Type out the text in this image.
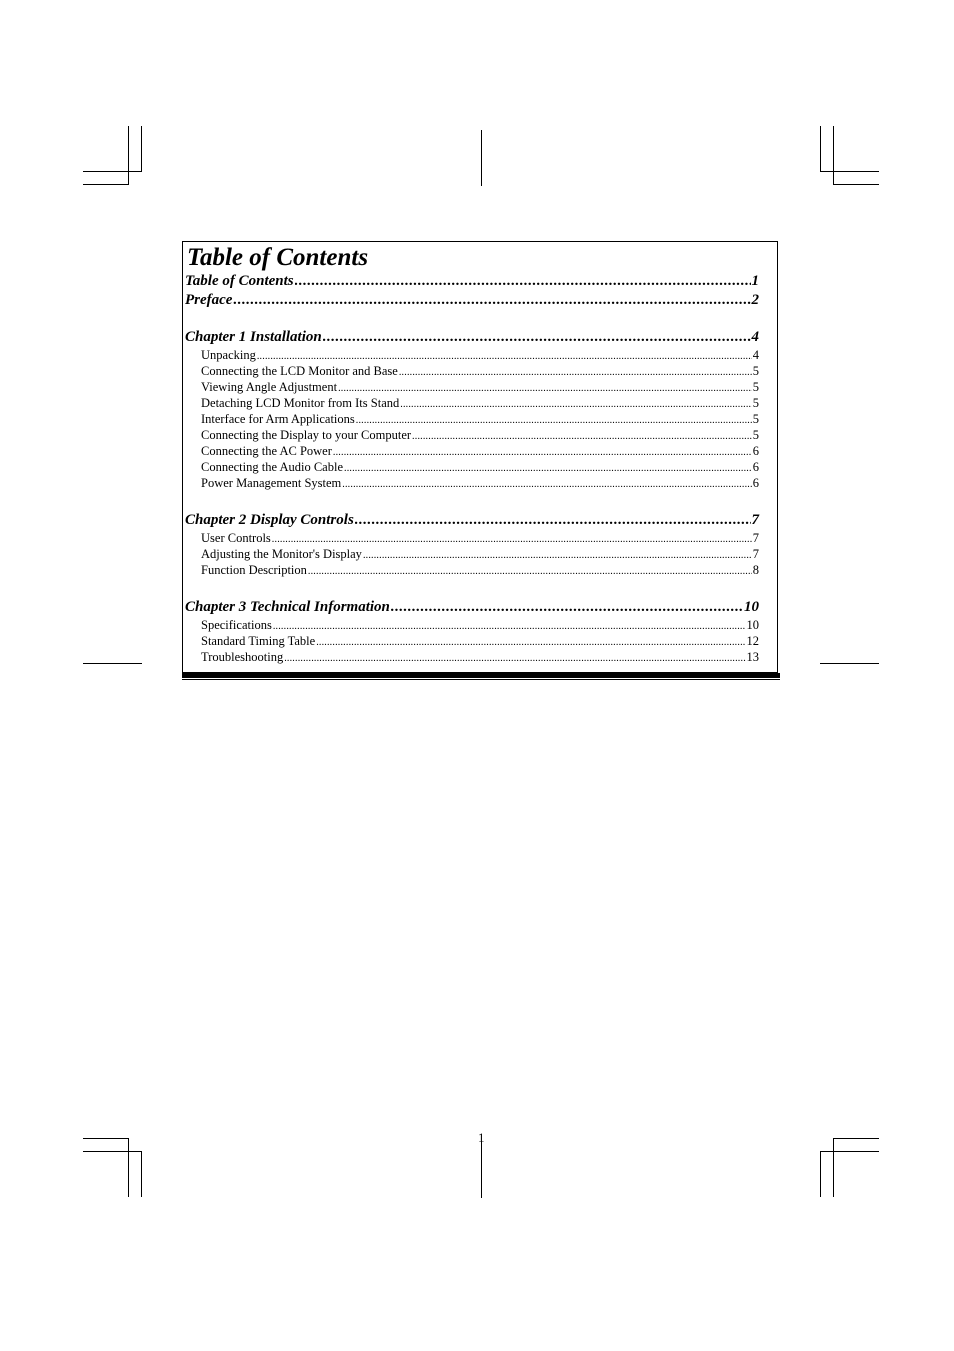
Table of Contents
Table of Contents .....	1
Preface .....	2
Chapter 1 Installation .....	4
Unpacking .....	4
Connecting the LCD Monitor and Base .....	5
Viewing Angle Adjustment .....	5
Detaching LCD Monitor from Its Stand .....	5
Interface for Arm Applications .....	5
Connecting the Display to your Computer .....	5
Connecting the AC Power .....	6
Connecting the Audio Cable .....	6
Power Management System .....	6
Chapter 2 Display Controls .....	7
User Controls .....	7
Adjusting the Monitor's Display .....	7
Function Description .....	8
Chapter 3 Technical Information .....	10
Specifications .....	10
Standard Timing Table .....	12
Troubleshooting .....	13
1
